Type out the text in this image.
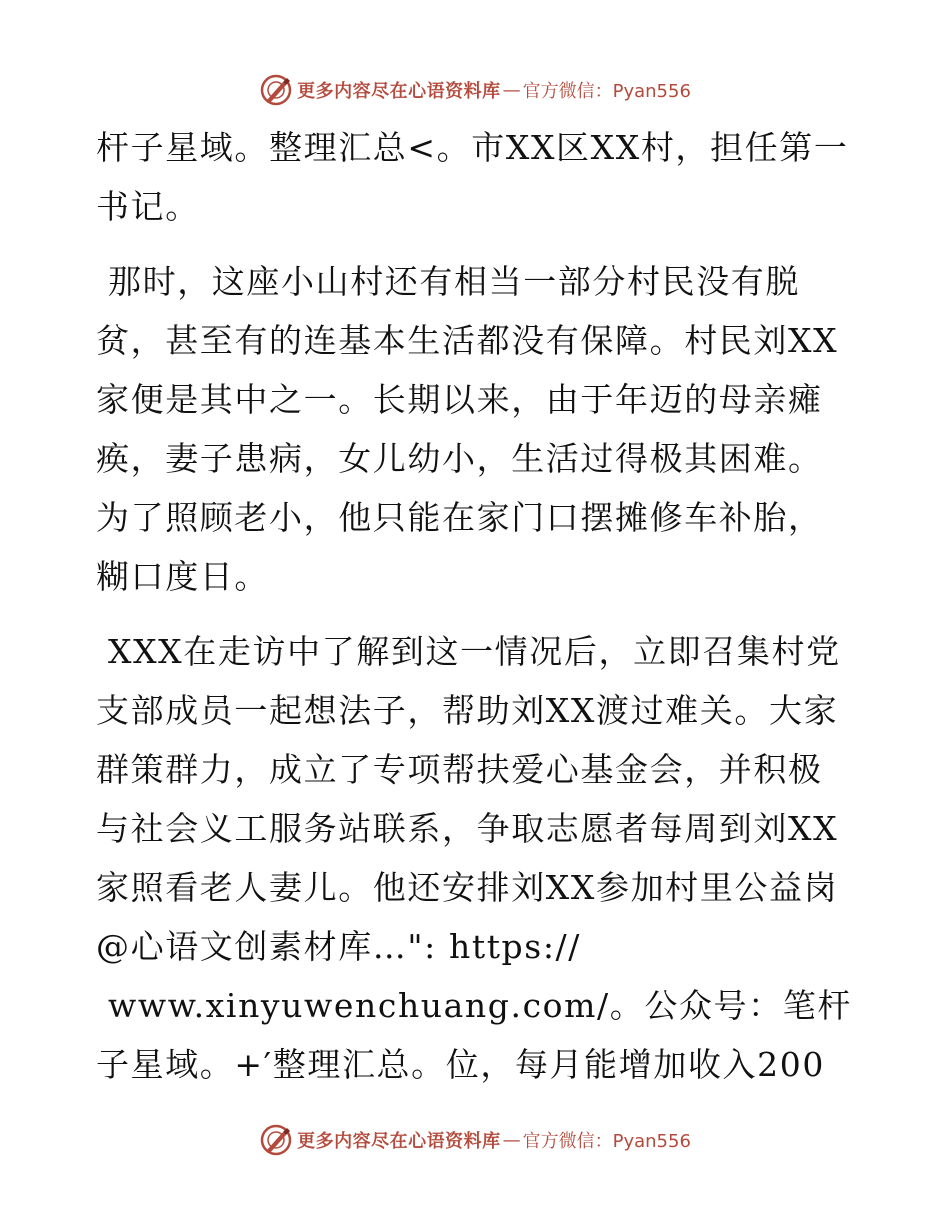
更多内容尽在心语资料库 — 官方微信：Pyan556

杆子星域。整理汇总<。市XX区XX村，担任第一书记。

那时，这座小山村还有相当一部分村民没有脱贫，甚至有的连基本生活都没有保障。村民刘XX家便是其中之一。长期以来，由于年迈的母亲瘫痪，妻子患病，女儿幼小，生活过得极其困难。为了照顾老小，他只能在家门口摆摊修车补胎，糊口度日。

XXX在走访中了解到这一情况后，立即召集村党支部成员一起想法子，帮助刘XX渡过难关。大家群策群力，成立了专项帮扶爱心基金会，并积极与社会义工服务站联系，争取志愿者每周到刘XX家照看老人妻儿。他还安排刘XX参加村里公益岗@心语文创素材库…": https://
www.xinyuwenchuang.com/。公众号：笔杆子星域。+′整理汇总。位，每月能增加收入200

更多内容尽在心语资料库 — 官方微信：Pyan556
